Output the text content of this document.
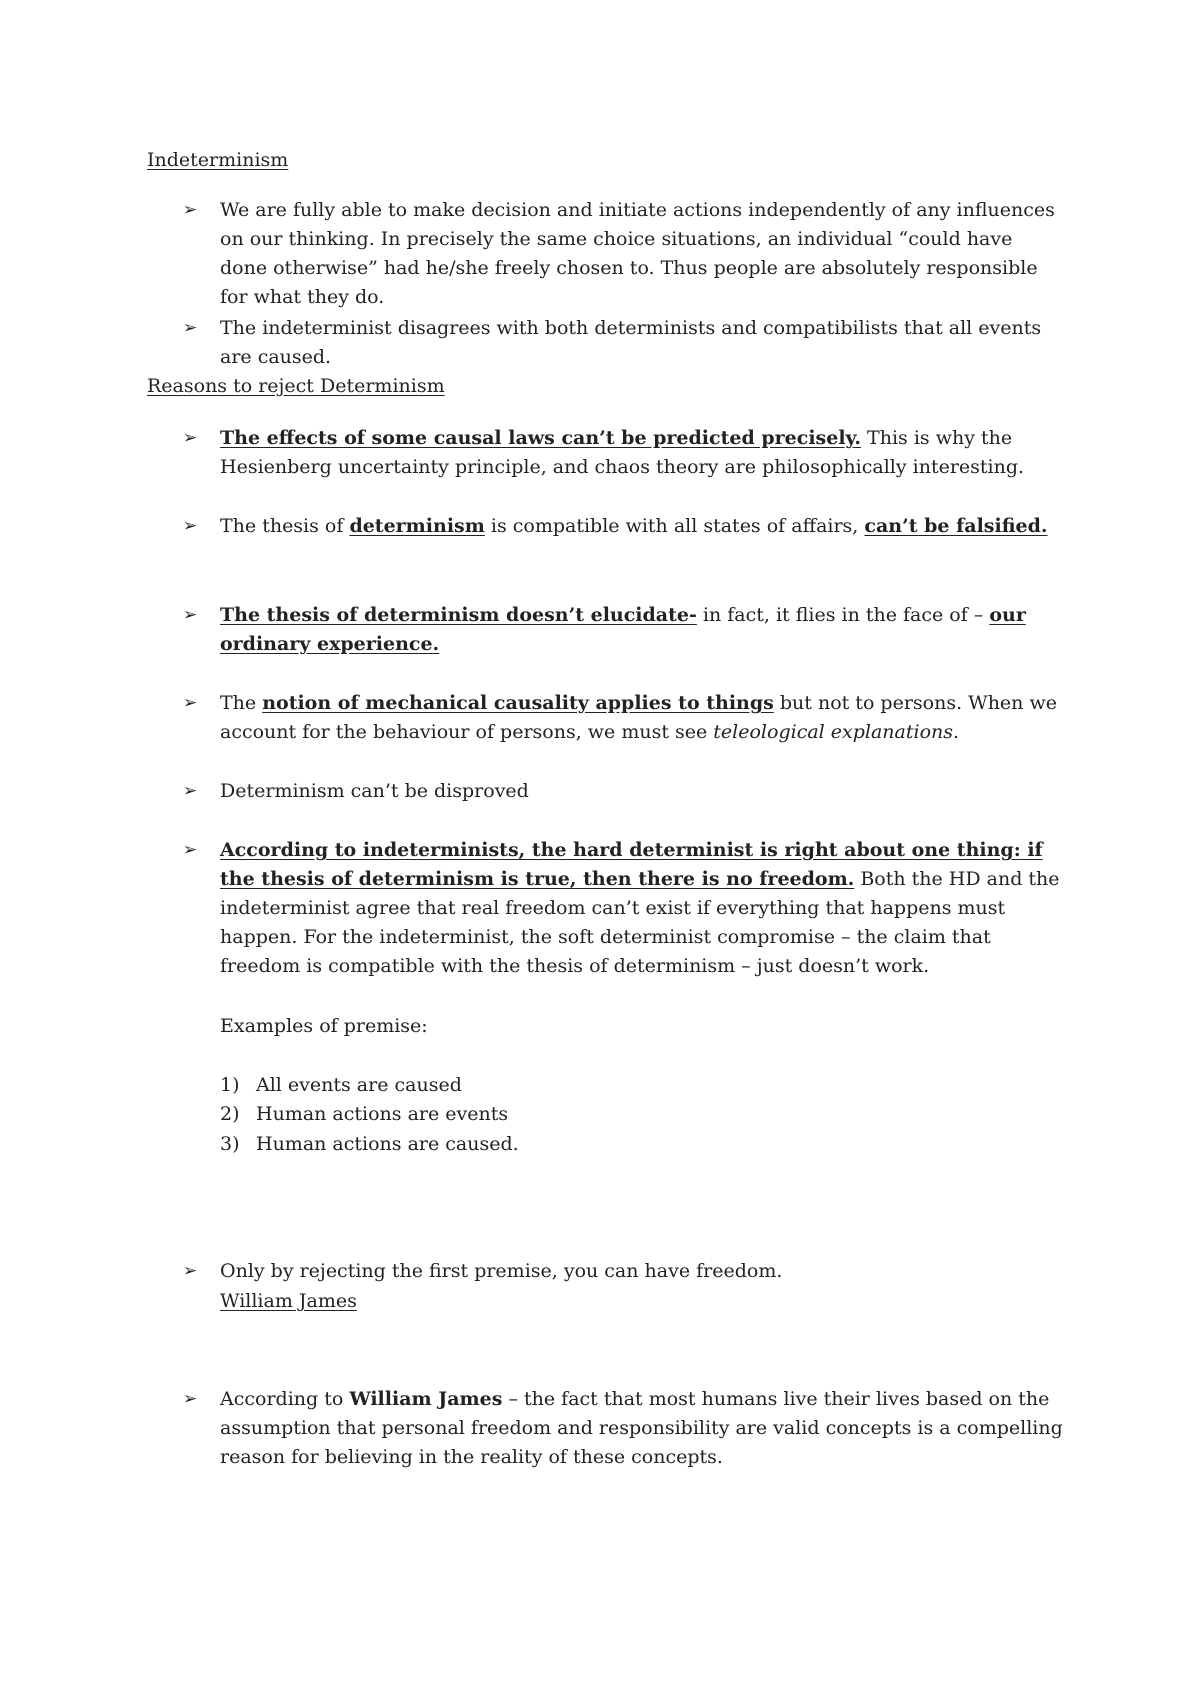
Indeterminism
➢ We are fully able to make decision and initiate actions independently of any influences on our thinking. In precisely the same choice situations, an individual “could have done otherwise” had he/she freely chosen to. Thus people are absolutely responsible for what they do.
➢ The indeterminist disagrees with both determinists and compatibilists that all events are caused.
Reasons to reject Determinism
➢ The effects of some causal laws can’t be predicted precisely. This is why the Hesienberg uncertainty principle, and chaos theory are philosophically interesting.
➢ The thesis of determinism is compatible with all states of affairs, can’t be falsified.
➢ The thesis of determinism doesn’t elucidate- in fact, it flies in the face of – our ordinary experience.
➢ The notion of mechanical causality applies to things but not to persons. When we account for the behaviour of persons, we must see teleological explanations.
➢ Determinism can’t be disproved
➢ According to indeterminists, the hard determinist is right about one thing: if the thesis of determinism is true, then there is no freedom. Both the HD and the indeterminist agree that real freedom can’t exist if everything that happens must happen. For the indeterminist, the soft determinist compromise – the claim that freedom is compatible with the thesis of determinism – just doesn’t work.
Examples of premise:
1) All events are caused
2) Human actions are events
3) Human actions are caused.
➢ Only by rejecting the first premise, you can have freedom.
William James
➢ According to William James – the fact that most humans live their lives based on the assumption that personal freedom and responsibility are valid concepts is a compelling reason for believing in the reality of these concepts.
